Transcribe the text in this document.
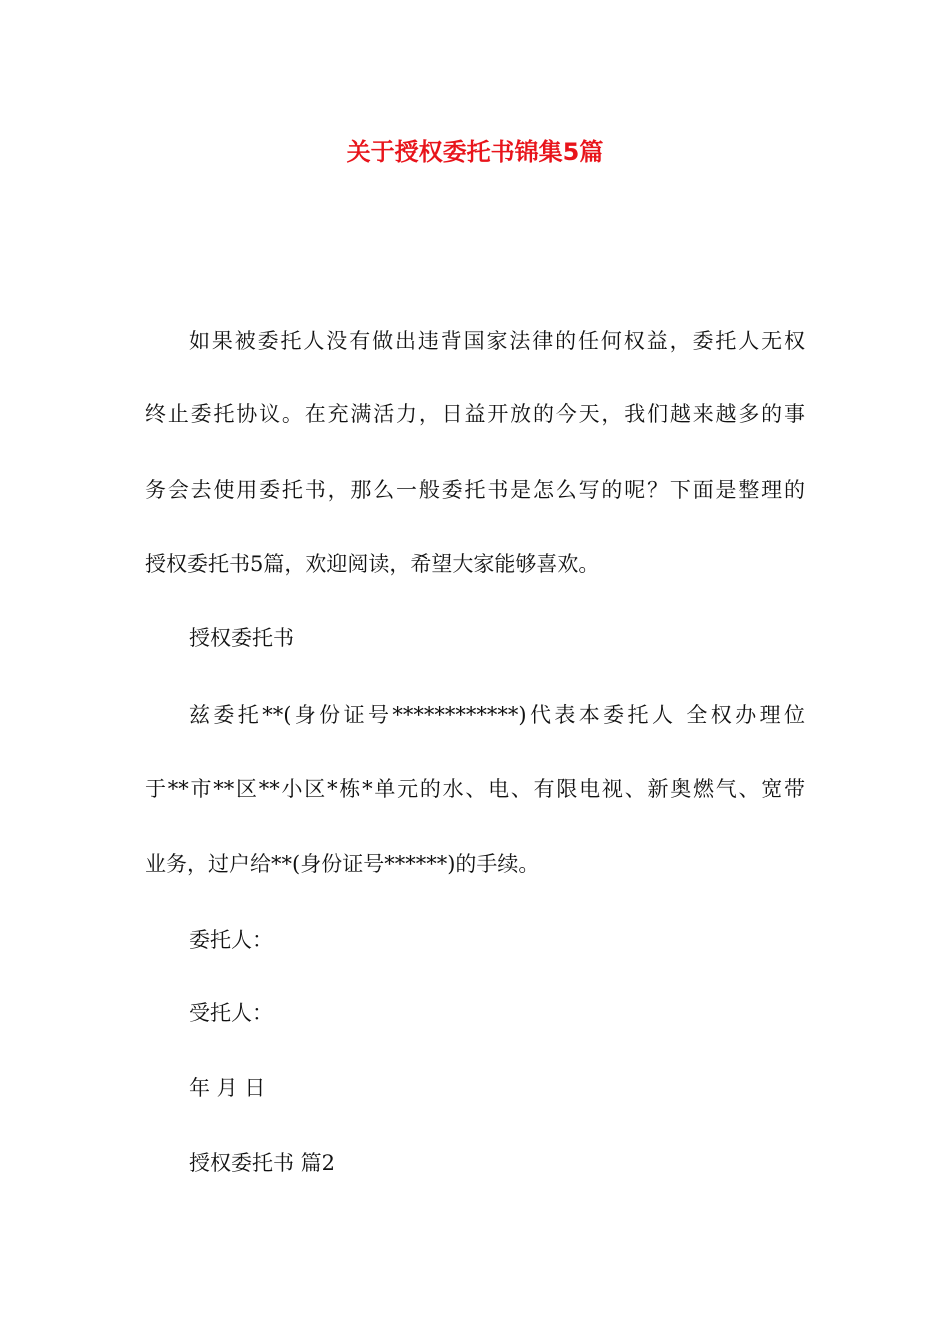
关于授权委托书锦集5篇

如果被委托人没有做出违背国家法律的任何权益，委托人无权

终止委托协议。在充满活力，日益开放的今天，我们越来越多的事

务会去使用委托书，那么一般委托书是怎么写的呢？下面是整理的

授权委托书5篇，欢迎阅读，希望大家能够喜欢。

授权委托书

兹委托**(身份证号************)代表本委托人 全权办理位

于**市**区**小区*栋*单元的水、电、有限电视、新奥燃气、宽带

业务，过户给**(身份证号******)的手续。

委托人：

受托人：

年 月 日

授权委托书 篇2
